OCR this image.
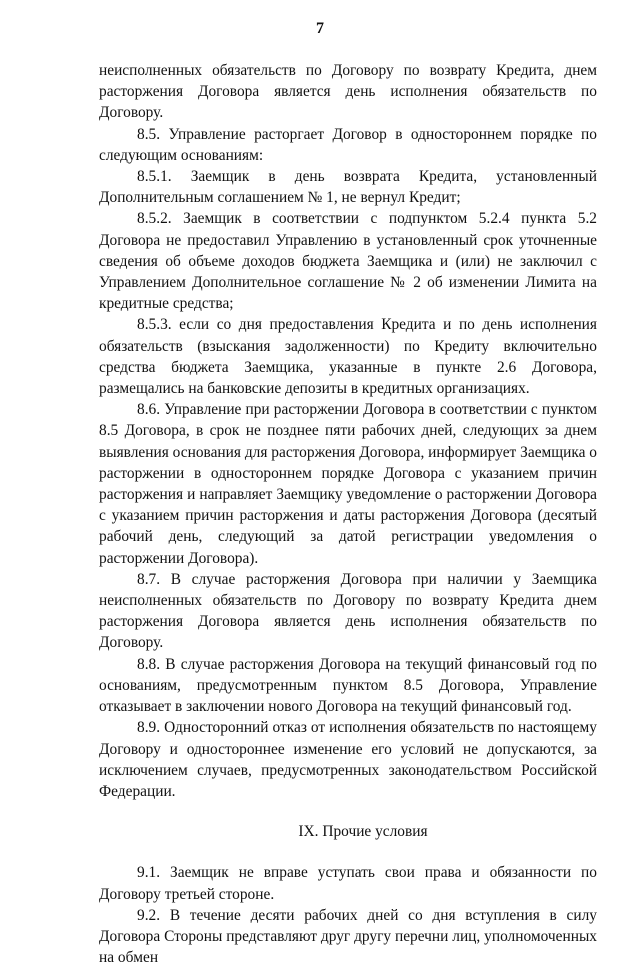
7

неисполненных обязательств по Договору по возврату Кредита, днем расторжения Договора является день исполнения обязательств по Договору.

8.5. Управление расторгает Договор в одностороннем порядке по следующим основаниям:

8.5.1. Заемщик в день возврата Кредита, установленный Дополнительным соглашением № 1, не вернул Кредит;

8.5.2. Заемщик в соответствии с подпунктом 5.2.4 пункта 5.2 Договора не предоставил Управлению в установленный срок уточненные сведения об объеме доходов бюджета Заемщика и (или) не заключил с Управлением Дополнительное соглашение № 2 об изменении Лимита на кредитные средства;

8.5.3. если со дня предоставления Кредита и по день исполнения обязательств (взыскания задолженности) по Кредиту включительно средства бюджета Заемщика, указанные в пункте 2.6 Договора, размещались на банковские депозиты в кредитных организациях.

8.6. Управление при расторжении Договора в соответствии с пунктом 8.5 Договора, в срок не позднее пяти рабочих дней, следующих за днем выявления основания для расторжения Договора, информирует Заемщика о расторжении в одностороннем порядке Договора с указанием причин расторжения и направляет Заемщику уведомление о расторжении Договора с указанием причин расторжения и даты расторжения Договора (десятый рабочий день, следующий за датой регистрации уведомления о расторжении Договора).

8.7. В случае расторжения Договора при наличии у Заемщика неисполненных обязательств по Договору по возврату Кредита днем расторжения Договора является день исполнения обязательств по Договору.

8.8. В случае расторжения Договора на текущий финансовый год по основаниям, предусмотренным пунктом 8.5 Договора, Управление отказывает в заключении нового Договора на текущий финансовый год.

8.9. Односторонний отказ от исполнения обязательств по настоящему Договору и одностороннее изменение его условий не допускаются, за исключением случаев, предусмотренных законодательством Российской Федерации.

IX. Прочие условия

9.1. Заемщик не вправе уступать свои права и обязанности по Договору третьей стороне.

9.2. В течение десяти рабочих дней со дня вступления в силу Договора Стороны представляют друг другу перечни лиц, уполномоченных на обмен
